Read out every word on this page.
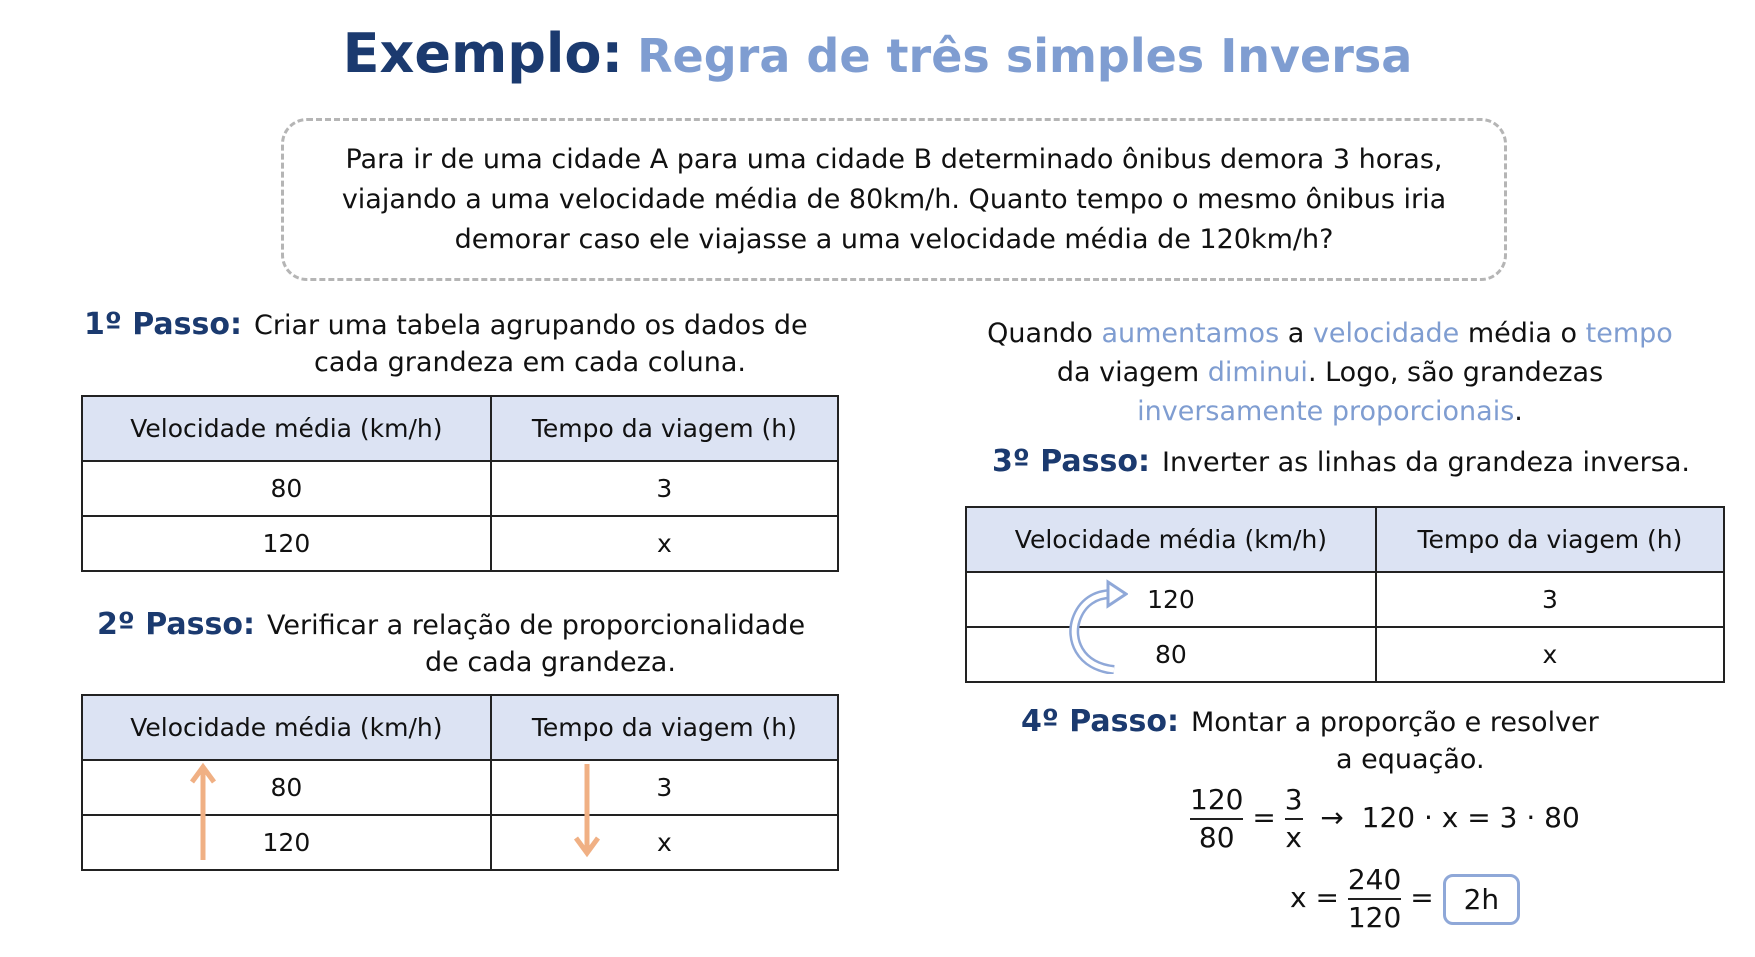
Exemplo: Regra de três simples Inversa
Para ir de uma cidade A para uma cidade B determinado ônibus demora 3 horas, viajando a uma velocidade média de 80km/h. Quanto tempo o mesmo ônibus iria demorar caso ele viajasse a uma velocidade média de 120km/h?
1º Passo: Criar uma tabela agrupando os dados de
cada grandeza em cada coluna.
Velocidade média (km/h)	Tempo da viagem (h)
80	3
120	x
2º Passo: Verificar a relação de proporcionalidade
de cada grandeza.
Velocidade média (km/h)	Tempo da viagem (h)
80	3
120	x
Quando aumentamos a velocidade média o tempo
da viagem diminui. Logo, são grandezas
inversamente proporcionais.
3º Passo: Inverter as linhas da grandeza inversa.
Velocidade média (km/h)	Tempo da viagem (h)
120	3
80	x
4º Passo: Montar a proporção e resolver
a equação.
$\frac{120}{80} = \frac{3}{x} \to 120 \cdot x = 3 \cdot 80$
$x = \frac{240}{120} = 2h$
